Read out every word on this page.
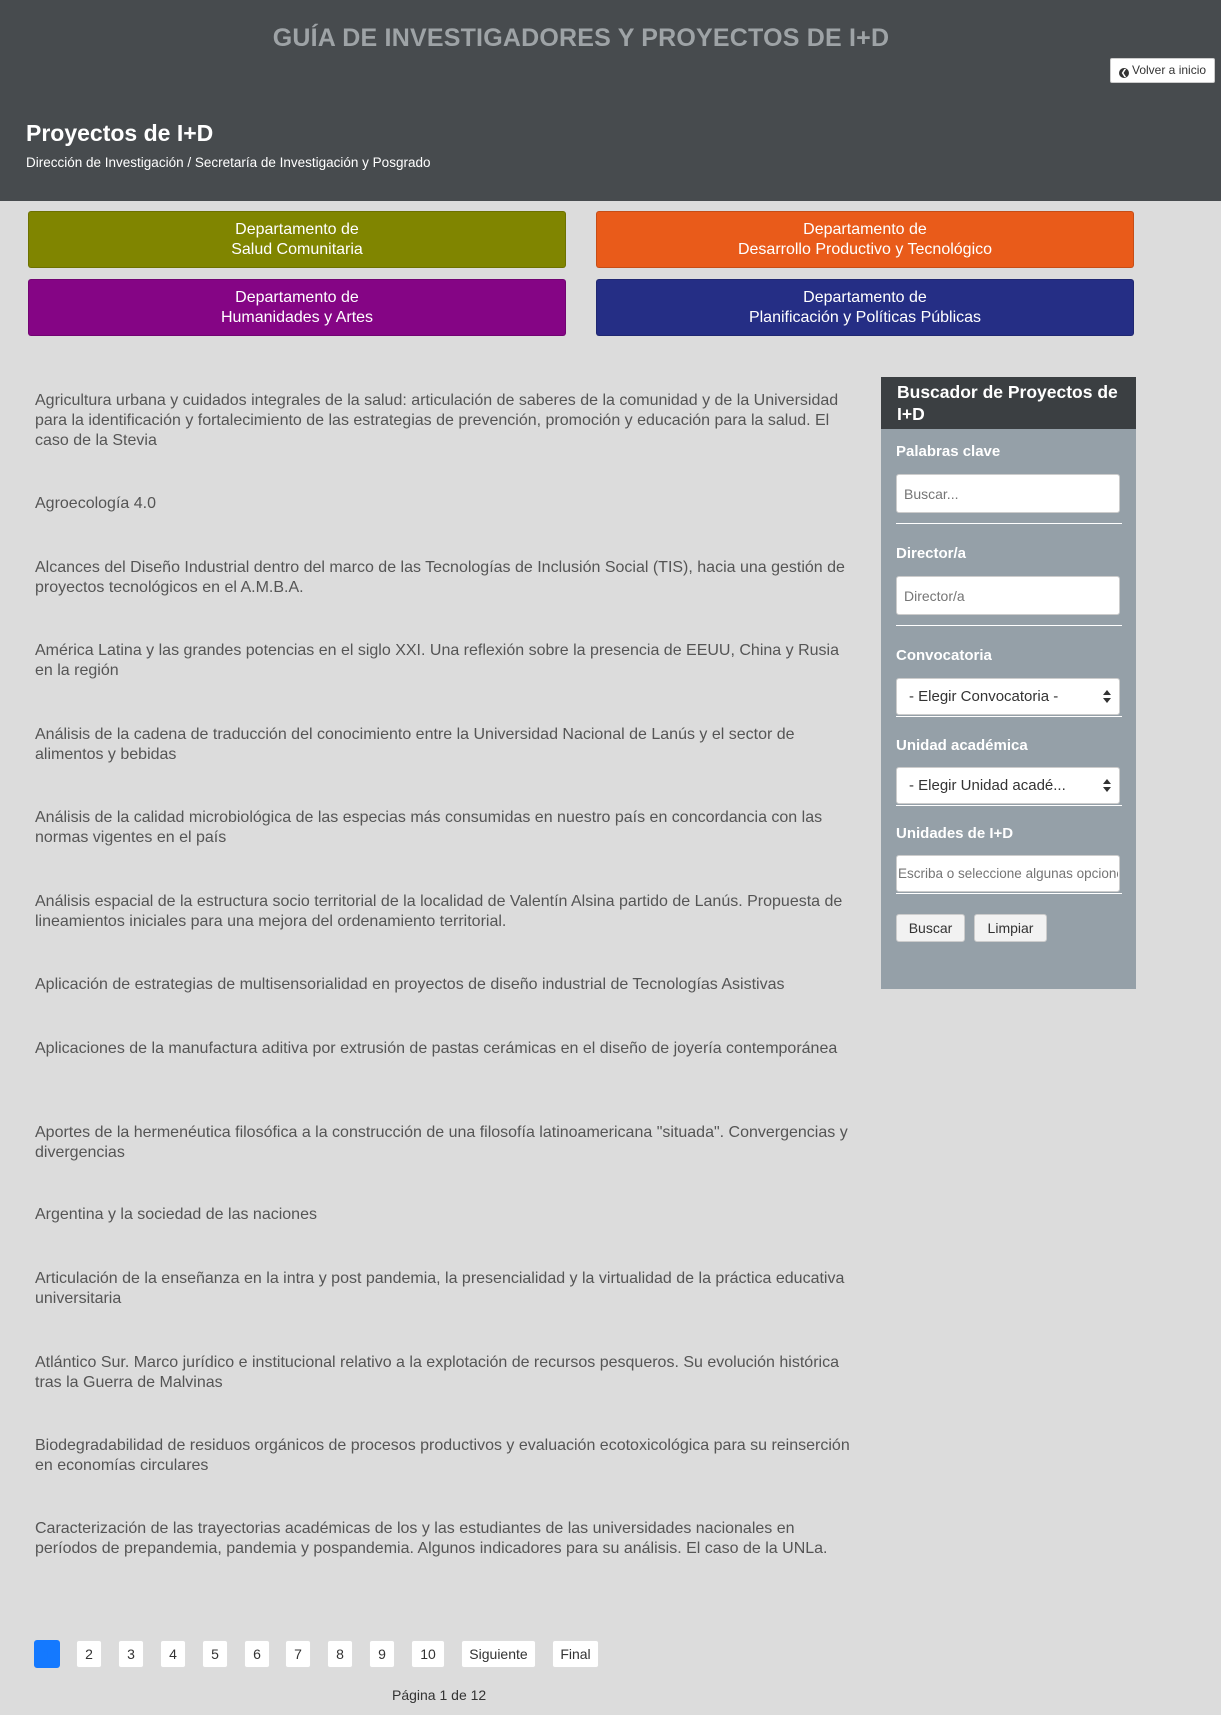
GUÍA DE INVESTIGADORES Y PROYECTOS DE I+D
❮ Volver a inicio
Proyectos de I+D
Dirección de Investigación / Secretaría de Investigación y Posgrado
Departamento de
Salud Comunitaria
Departamento de
Desarrollo Productivo y Tecnológico
Departamento de
Humanidades y Artes
Departamento de
Planificación y Políticas Públicas
Agricultura urbana y cuidados integrales de la salud: articulación de saberes de la comunidad y de la Universidad para la identificación y fortalecimiento de las estrategias de prevención, promoción y educación para la salud. El caso de la Stevia
Agroecología 4.0
Alcances del Diseño Industrial dentro del marco de las Tecnologías de Inclusión Social (TIS), hacia una gestión de proyectos tecnológicos en el A.M.B.A.
América Latina y las grandes potencias en el siglo XXI. Una reflexión sobre la presencia de EEUU, China y Rusia en la región
Análisis de la cadena de traducción del conocimiento entre la Universidad Nacional de Lanús y el sector de alimentos y bebidas
Análisis de la calidad microbiológica de las especias más consumidas en nuestro país en concordancia con las normas vigentes en el país
Análisis espacial de la estructura socio territorial de la localidad de Valentín Alsina partido de Lanús. Propuesta de lineamientos iniciales para una mejora del ordenamiento territorial.
Aplicación de estrategias de multisensorialidad en proyectos de diseño industrial de Tecnologías Asistivas
Aplicaciones de la manufactura aditiva por extrusión de pastas cerámicas en el diseño de joyería contemporánea
Aportes de la hermenéutica filosófica a la construcción de una filosofía latinoamericana "situada". Convergencias y divergencias
Argentina y la sociedad de las naciones
Articulación de la enseñanza en la intra y post pandemia, la presencialidad y la virtualidad de la práctica educativa universitaria
Atlántico Sur. Marco jurídico e institucional relativo a la explotación de recursos pesqueros. Su evolución histórica tras la Guerra de Malvinas
Biodegradabilidad de residuos orgánicos de procesos productivos y evaluación ecotoxicológica para su reinserción en economías circulares
Caracterización de las trayectorias académicas de los y las estudiantes de las universidades nacionales en períodos de prepandemia, pandemia y pospandemia. Algunos indicadores para su análisis. El caso de la UNLa.
Buscador de Proyectos de I+D
Palabras clave
Buscar...
Director/a
Director/a
Convocatoria
- Elegir Convocatoria -
Unidad académica
- Elegir Unidad acadé...
Unidades de I+D
Escriba o seleccione algunas opciones
Buscar	Limpiar
1	2	3	4	5	6	7	8	9	10	Siguiente	Final
Página 1 de 12
